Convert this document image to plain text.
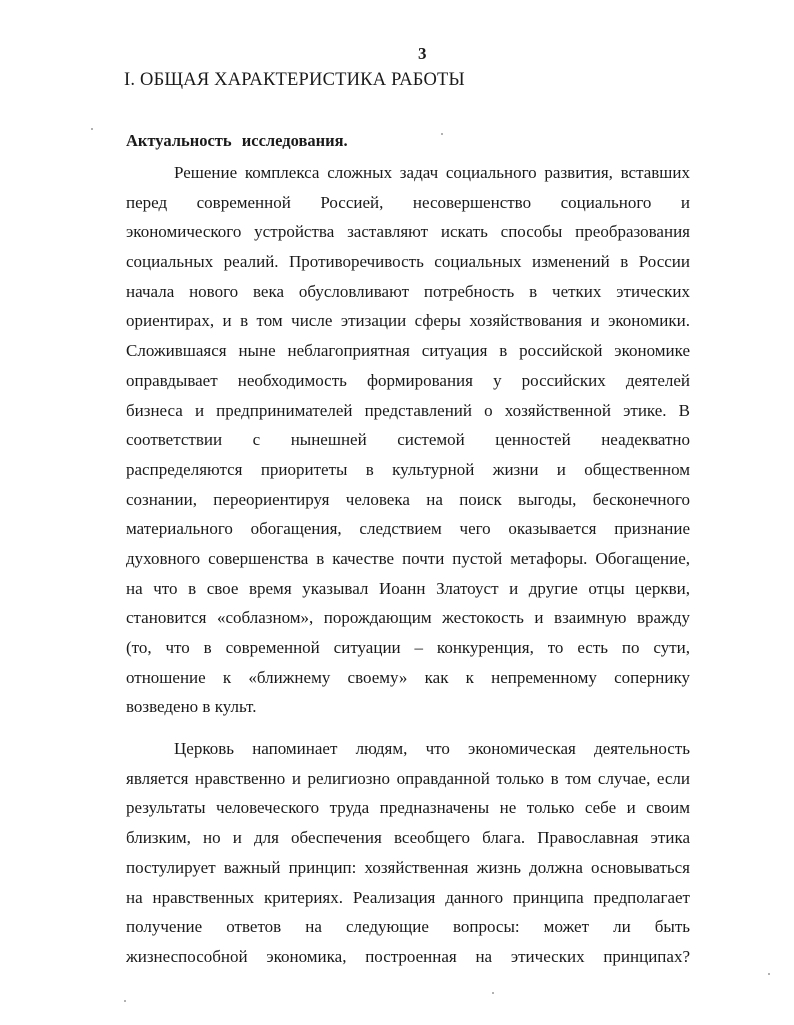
3
I. ОБЩАЯ ХАРАКТЕРИСТИКА РАБОТЫ
Актуальность исследования.
Решение комплекса сложных задач социального развития, вставших
перед современной Россией, несовершенство социального и
экономического устройства заставляют искать способы преобразования
социальных реалий. Противоречивость социальных изменений в России
начала нового века обусловливают потребность в четких этических
ориентирах, и в том числе этизации сферы хозяйствования и экономики.
Сложившаяся ныне неблагоприятная ситуация в российской экономике
оправдывает необходимость формирования у российских деятелей
бизнеса и предпринимателей представлений о хозяйственной этике. В
соответствии с нынешней системой ценностей неадекватно
распределяются приоритеты в культурной жизни и общественном
сознании, переориентируя человека на поиск выгоды, бесконечного
материального обогащения, следствием чего оказывается признание
духовного совершенства в качестве почти пустой метафоры. Обогащение,
на что в свое время указывал Иоанн Златоуст и другие отцы церкви,
становится «соблазном», порождающим жестокость и взаимную вражду
(то, что в современной ситуации – конкуренция, то есть по сути,
отношение к «ближнему своему» как к непременному сопернику
возведено в культ.
Церковь напоминает людям, что экономическая деятельность
является нравственно и религиозно оправданной только в том случае, если
результаты человеческого труда предназначены не только себе и своим
близким, но и для обеспечения всеобщего блага. Православная этика
постулирует важный принцип: хозяйственная жизнь должна основываться
на нравственных критериях. Реализация данного принципа предполагает
получение ответов на следующие вопросы: может ли быть
жизнеспособной экономика, построенная на этических принципах?
